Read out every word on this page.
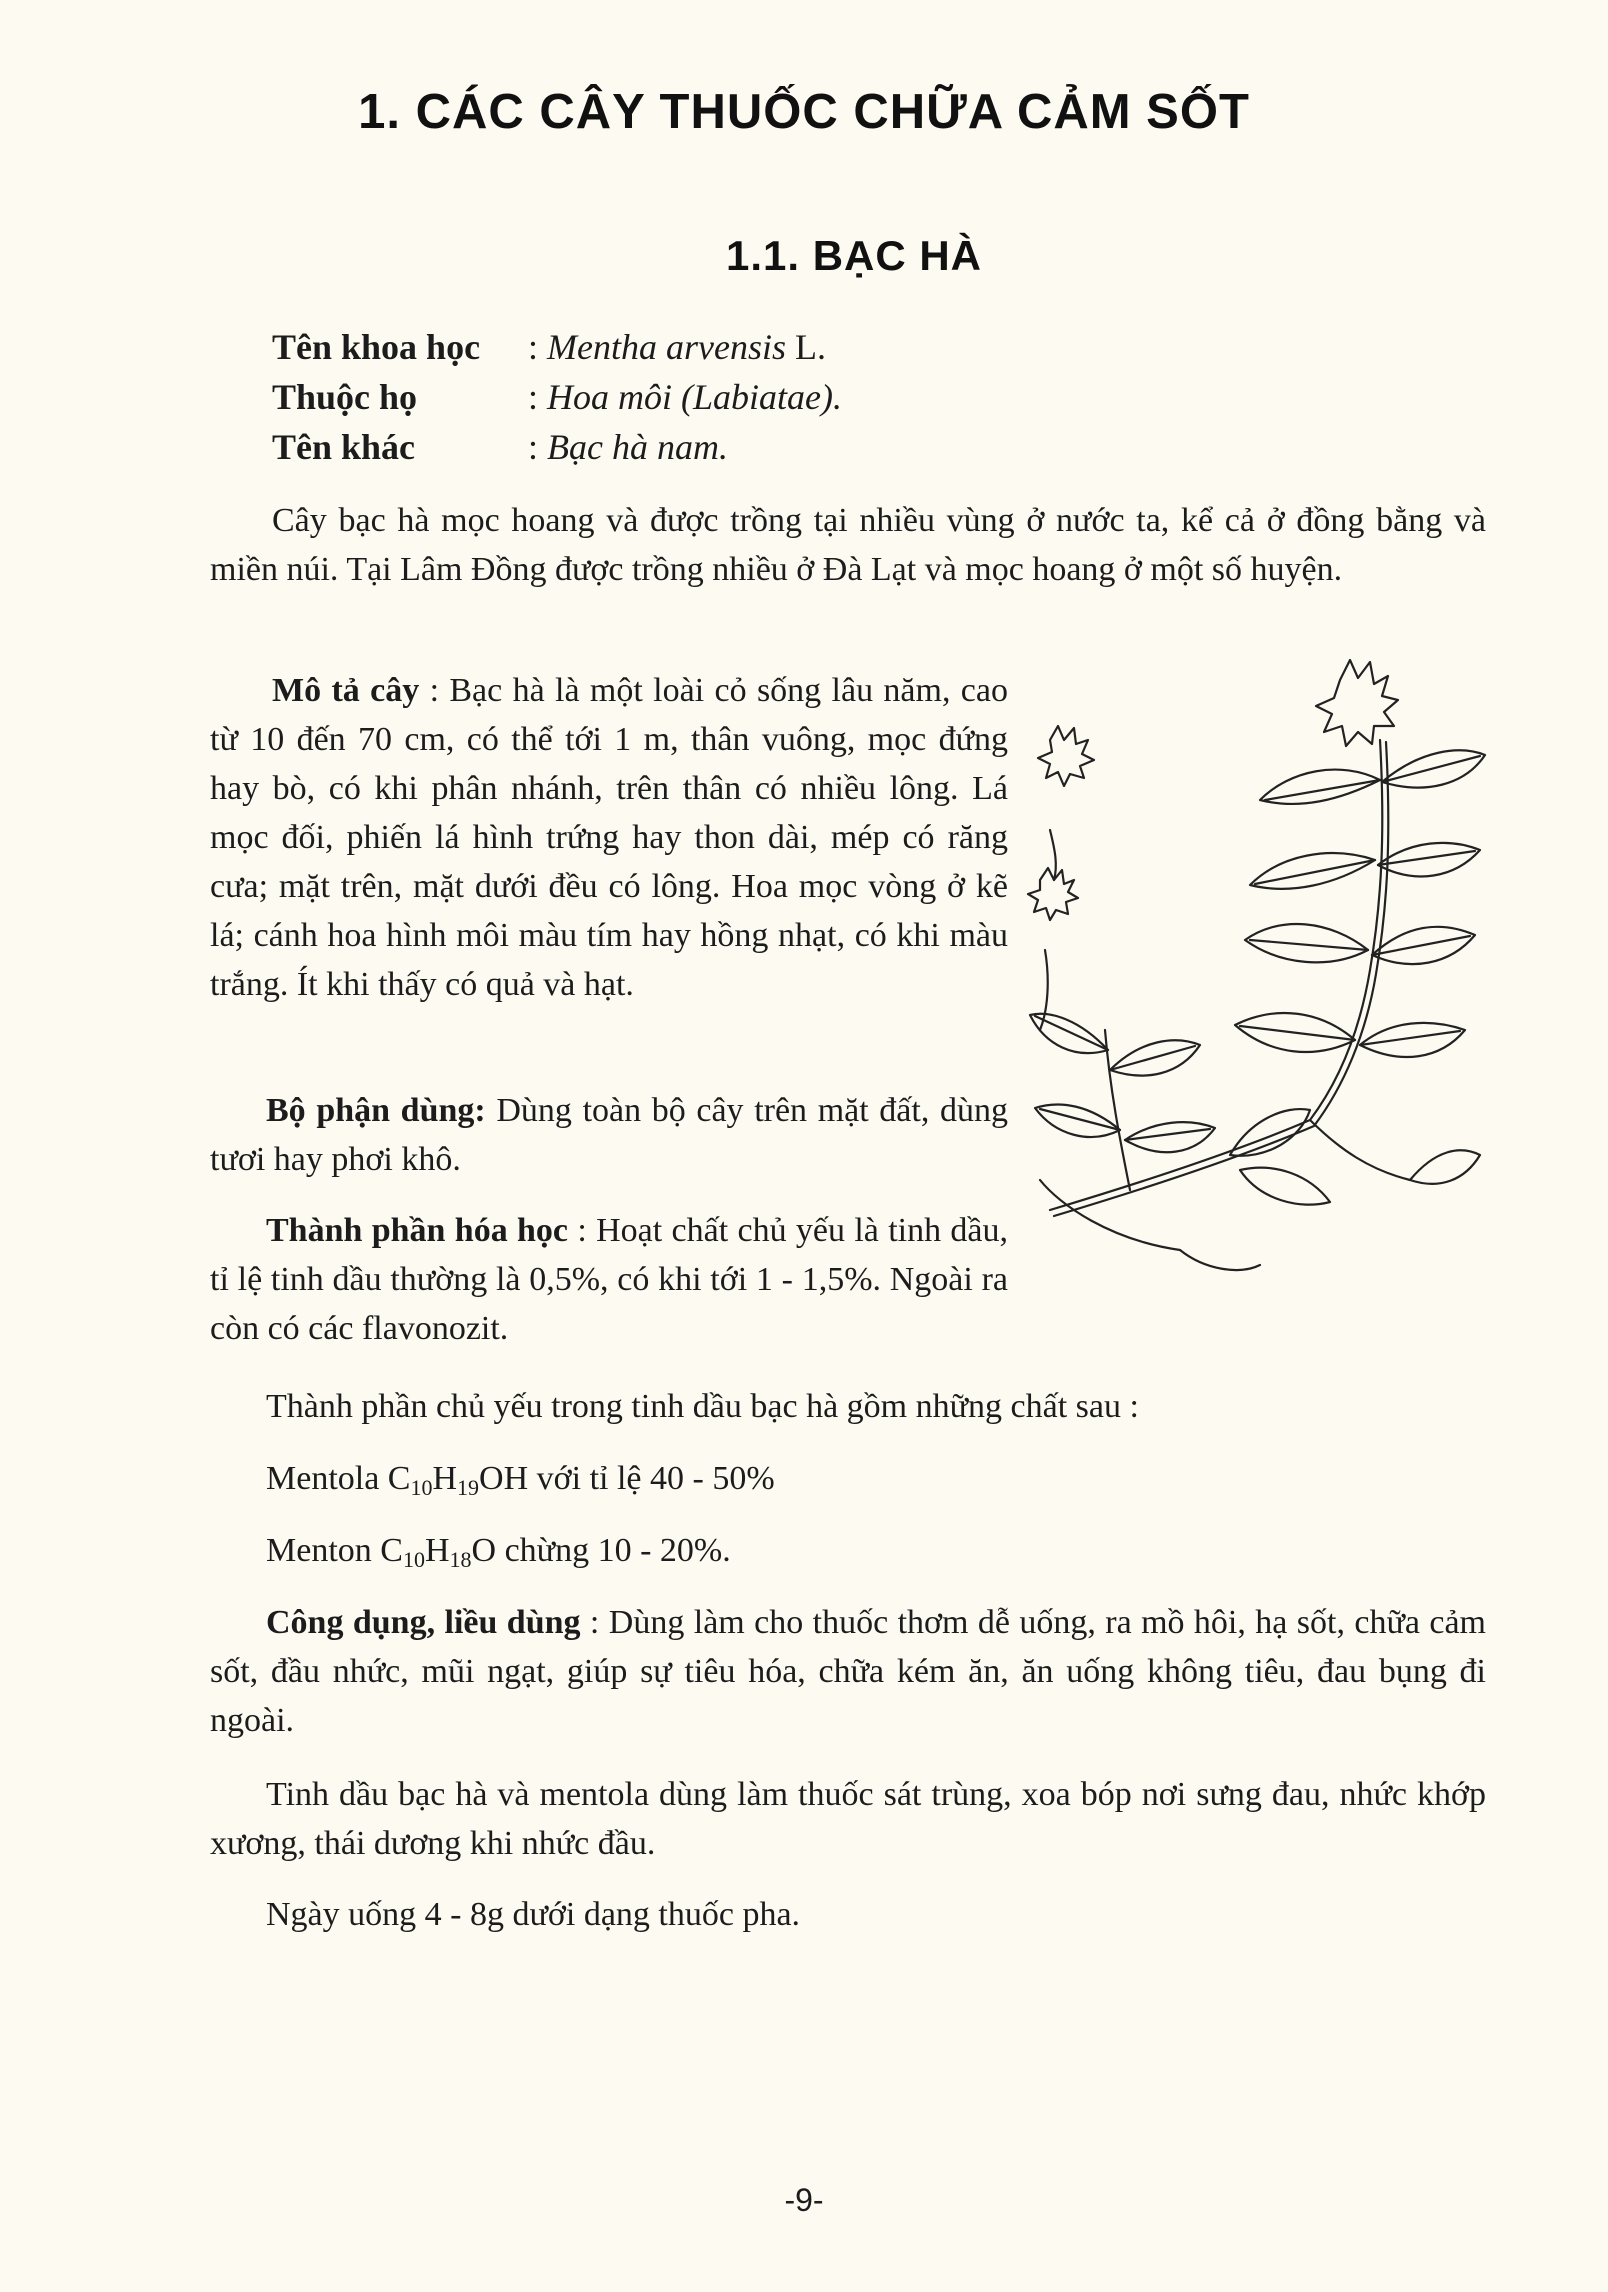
1. CÁC CÂY THUỐC CHỮA CẢM SỐT
1.1. BẠC HÀ
Tên khoa học	: Mentha arvensis L.
Thuộc họ	: Hoa môi (Labiatae).
Tên khác	: Bạc hà nam.

Cây bạc hà mọc hoang và được trồng tại nhiều vùng ở nước ta, kể cả ở đồng bằng và miền núi. Tại Lâm Đồng được trồng nhiều ở Đà Lạt và mọc hoang ở một số huyện.

Mô tả cây : Bạc hà là một loài cỏ sống lâu năm, cao từ 10 đến 70 cm, có thể tới 1 m, thân vuông, mọc đứng hay bò, có khi phân nhánh, trên thân có nhiều lông. Lá mọc đối, phiến lá hình trứng hay thon dài, mép có răng cưa; mặt trên, mặt dưới đều có lông. Hoa mọc vòng ở kẽ lá; cánh hoa hình môi màu tím hay hồng nhạt, có khi màu trắng. Ít khi thấy có quả và hạt.

Bộ phận dùng: Dùng toàn bộ cây trên mặt đất, dùng tươi hay phơi khô.

Thành phần hóa học : Hoạt chất chủ yếu là tinh dầu, tỉ lệ tinh dầu thường là 0,5%, có khi tới 1 - 1,5%. Ngoài ra còn có các flavonozit.

Thành phần chủ yếu trong tinh dầu bạc hà gồm những chất sau :

Mentola $C_{10}H_{19}OH$ với tỉ lệ 40 - 50%

Menton $C_{10}H_{18}O$ chừng 10 - 20%.

Công dụng, liều dùng : Dùng làm cho thuốc thơm dễ uống, ra mồ hôi, hạ sốt, chữa cảm sốt, đầu nhức, mũi ngạt, giúp sự tiêu hóa, chữa kém ăn, ăn uống không tiêu, đau bụng đi ngoài.

Tinh dầu bạc hà và mentola dùng làm thuốc sát trùng, xoa bóp nơi sưng đau, nhức khớp xương, thái dương khi nhức đầu.

Ngày uống 4 - 8g dưới dạng thuốc pha.

-9-
